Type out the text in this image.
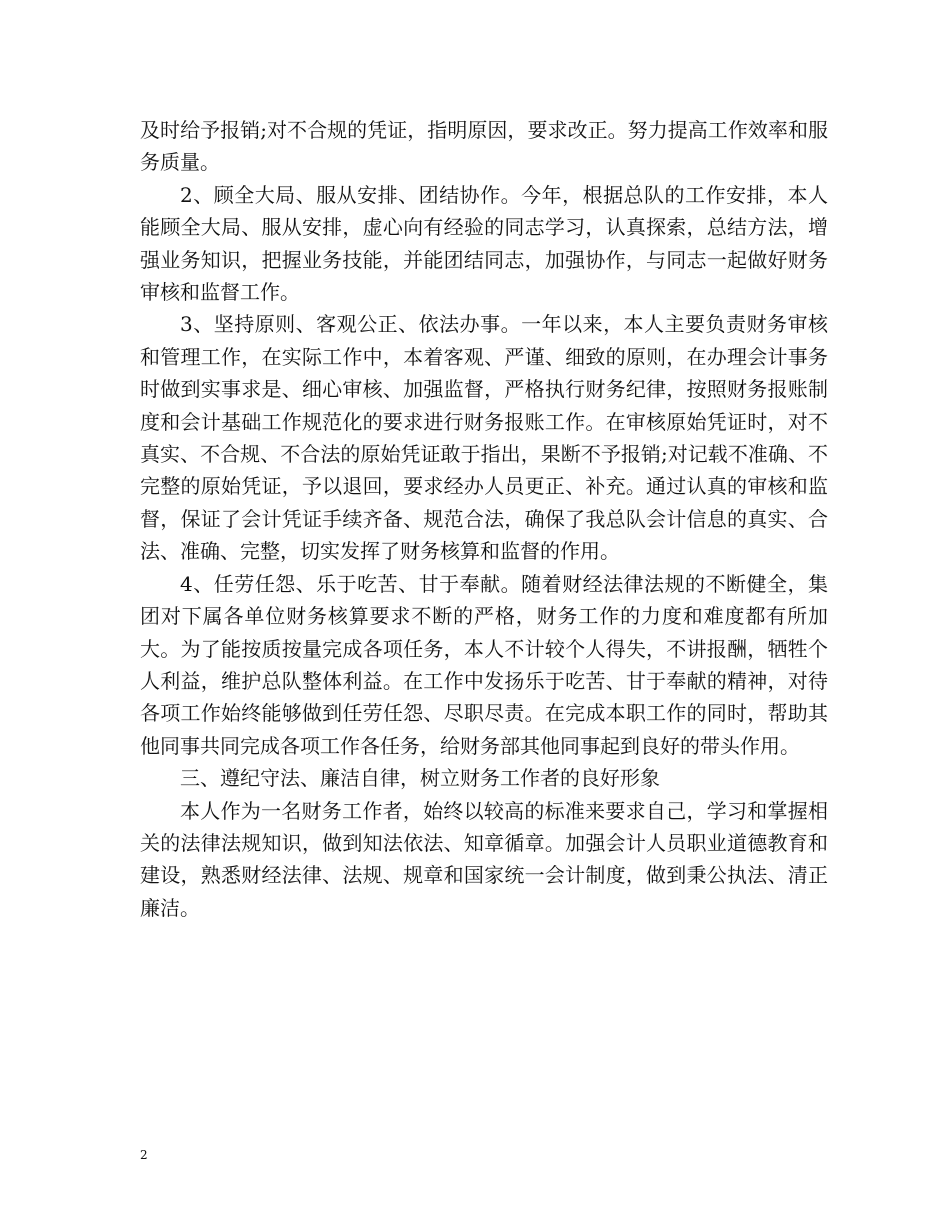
及时给予报销;对不合规的凭证，指明原因，要求改正。努力提高工作效率和服务质量。

2、顾全大局、服从安排、团结协作。今年，根据总队的工作安排，本人能顾全大局、服从安排，虚心向有经验的同志学习，认真探索，总结方法，增强业务知识，把握业务技能，并能团结同志，加强协作，与同志一起做好财务审核和监督工作。

3、坚持原则、客观公正、依法办事。一年以来，本人主要负责财务审核和管理工作，在实际工作中，本着客观、严谨、细致的原则，在办理会计事务时做到实事求是、细心审核、加强监督，严格执行财务纪律，按照财务报账制度和会计基础工作规范化的要求进行财务报账工作。在审核原始凭证时，对不真实、不合规、不合法的原始凭证敢于指出，果断不予报销;对记载不准确、不完整的原始凭证，予以退回，要求经办人员更正、补充。通过认真的审核和监督，保证了会计凭证手续齐备、规范合法，确保了我总队会计信息的真实、合法、准确、完整，切实发挥了财务核算和监督的作用。

4、任劳任怨、乐于吃苦、甘于奉献。随着财经法律法规的不断健全，集团对下属各单位财务核算要求不断的严格，财务工作的力度和难度都有所加大。为了能按质按量完成各项任务，本人不计较个人得失，不讲报酬，牺牲个人利益，维护总队整体利益。在工作中发扬乐于吃苦、甘于奉献的精神，对待各项工作始终能够做到任劳任怨、尽职尽责。在完成本职工作的同时，帮助其他同事共同完成各项工作各任务，给财务部其他同事起到良好的带头作用。

三、遵纪守法、廉洁自律，树立财务工作者的良好形象

本人作为一名财务工作者，始终以较高的标准来要求自己，学习和掌握相关的法律法规知识，做到知法依法、知章循章。加强会计人员职业道德教育和建设，熟悉财经法律、法规、规章和国家统一会计制度，做到秉公执法、清正廉洁。

2
